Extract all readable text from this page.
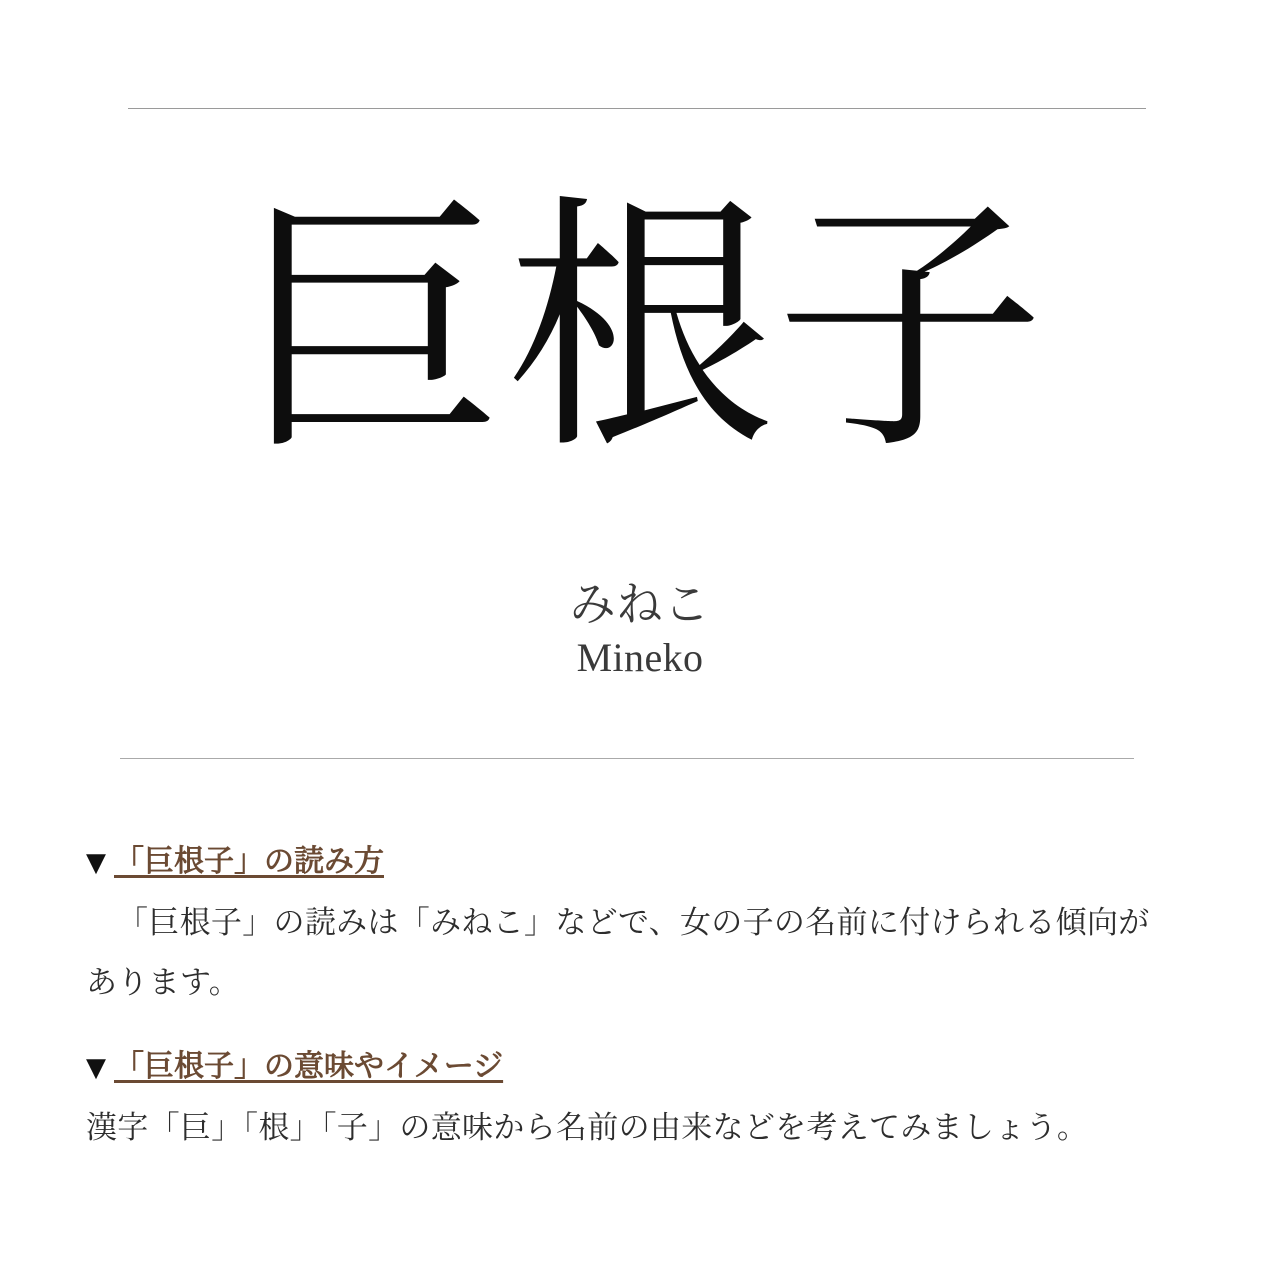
巨根子
みねこ
Mineko
▼ 「巨根子」の読み方
「巨根子」の読みは「みねこ」などで、女の子の名前に付けられる傾向があります。
▼ 「巨根子」の意味やイメージ
漢字「巨」「根」「子」の意味から名前の由来などを考えてみましょう。
